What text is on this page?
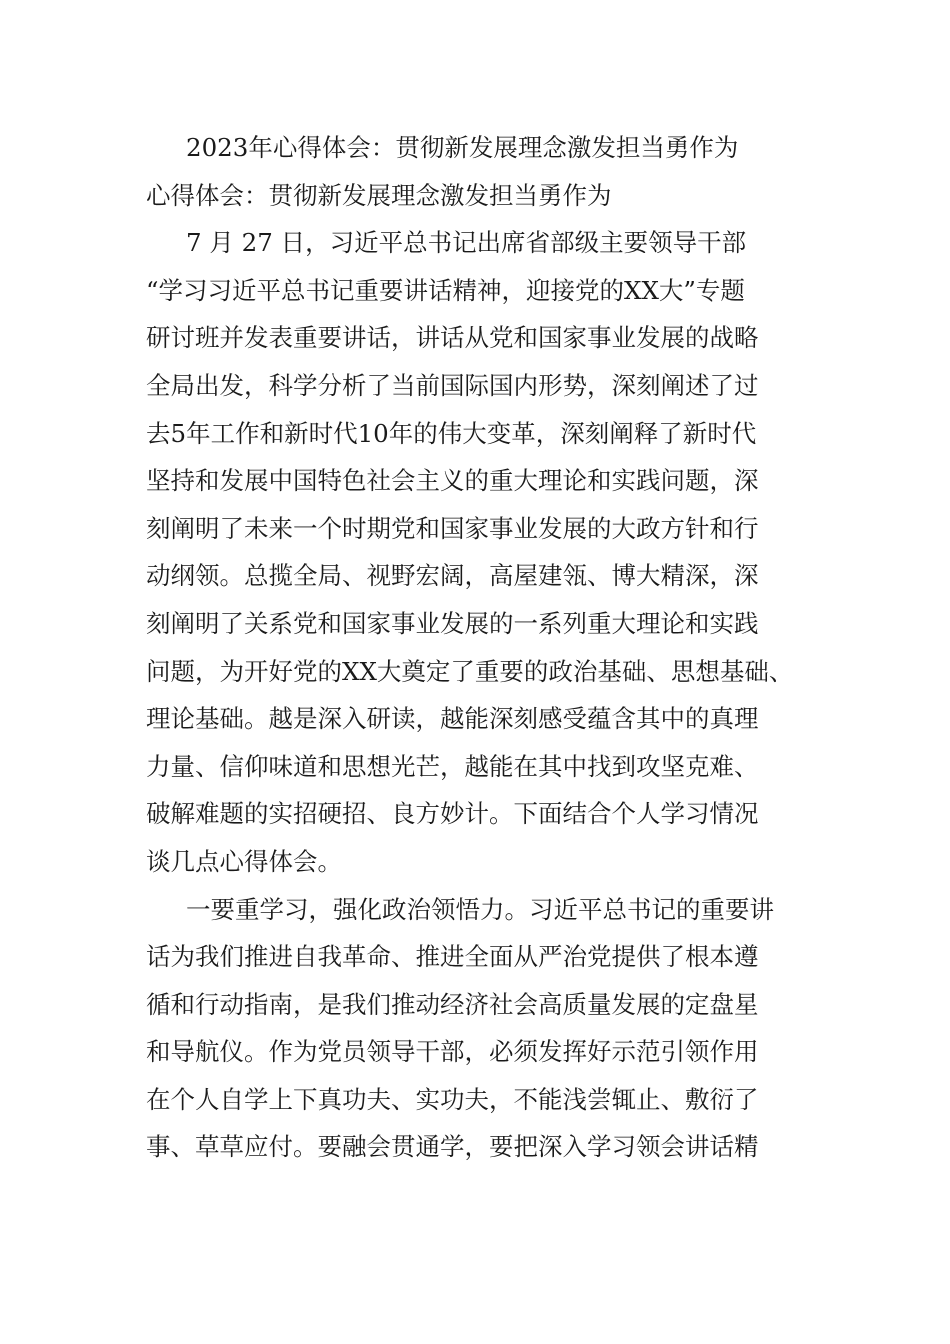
2023年心得体会：贯彻新发展理念激发担当勇作为
心得体会：贯彻新发展理念激发担当勇作为
7 月 27 日，习近平总书记出席省部级主要领导干部
“学习习近平总书记重要讲话精神，迎接党的XX大”专题
研讨班并发表重要讲话，讲话从党和国家事业发展的战略
全局出发，科学分析了当前国际国内形势，深刻阐述了过
去5年工作和新时代10年的伟大变革，深刻阐释了新时代
坚持和发展中国特色社会主义的重大理论和实践问题，深
刻阐明了未来一个时期党和国家事业发展的大政方针和行
动纲领。总揽全局、视野宏阔，高屋建瓴、博大精深，深
刻阐明了关系党和国家事业发展的一系列重大理论和实践
问题，为开好党的XX大奠定了重要的政治基础、思想基础、
理论基础。越是深入研读，越能深刻感受蕴含其中的真理
力量、信仰味道和思想光芒，越能在其中找到攻坚克难、
破解难题的实招硬招、良方妙计。下面结合个人学习情况
谈几点心得体会。
一要重学习，强化政治领悟力。习近平总书记的重要讲
话为我们推进自我革命、推进全面从严治党提供了根本遵
循和行动指南，是我们推动经济社会高质量发展的定盘星
和导航仪。作为党员领导干部，必须发挥好示范引领作用
在个人自学上下真功夫、实功夫，不能浅尝辄止、敷衍了
事、草草应付。要融会贯通学，要把深入学习领会讲话精
